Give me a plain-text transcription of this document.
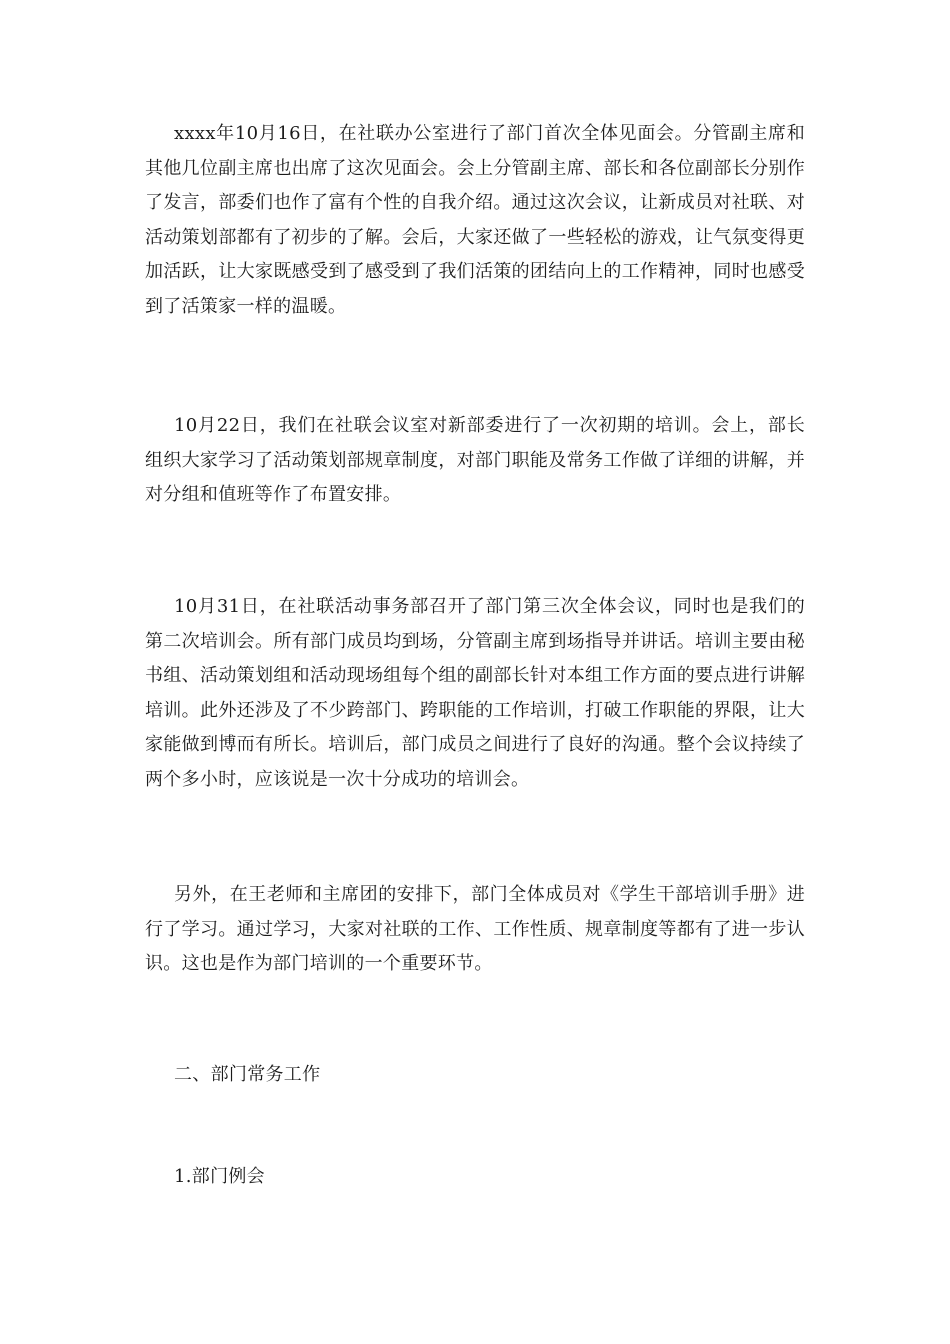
xxxx年10月16日，在社联办公室进行了部门首次全体见面会。分管副主席和其他几位副主席也出席了这次见面会。会上分管副主席、部长和各位副部长分别作了发言，部委们也作了富有个性的自我介绍。通过这次会议，让新成员对社联、对活动策划部都有了初步的了解。会后，大家还做了一些轻松的游戏，让气氛变得更加活跃，让大家既感受到了感受到了我们活策的团结向上的工作精神，同时也感受到了活策家一样的温暖。

10月22日，我们在社联会议室对新部委进行了一次初期的培训。会上，部长组织大家学习了活动策划部规章制度，对部门职能及常务工作做了详细的讲解，并对分组和值班等作了布置安排。

10月31日，在社联活动事务部召开了部门第三次全体会议，同时也是我们的第二次培训会。所有部门成员均到场，分管副主席到场指导并讲话。培训主要由秘书组、活动策划组和活动现场组每个组的副部长针对本组工作方面的要点进行讲解培训。此外还涉及了不少跨部门、跨职能的工作培训，打破工作职能的界限，让大家能做到博而有所长。培训后，部门成员之间进行了良好的沟通。整个会议持续了两个多小时，应该说是一次十分成功的培训会。

另外，在王老师和主席团的安排下，部门全体成员对《学生干部培训手册》进行了学习。通过学习，大家对社联的工作、工作性质、规章制度等都有了进一步认识。这也是作为部门培训的一个重要环节。

二、部门常务工作
1.部门例会
